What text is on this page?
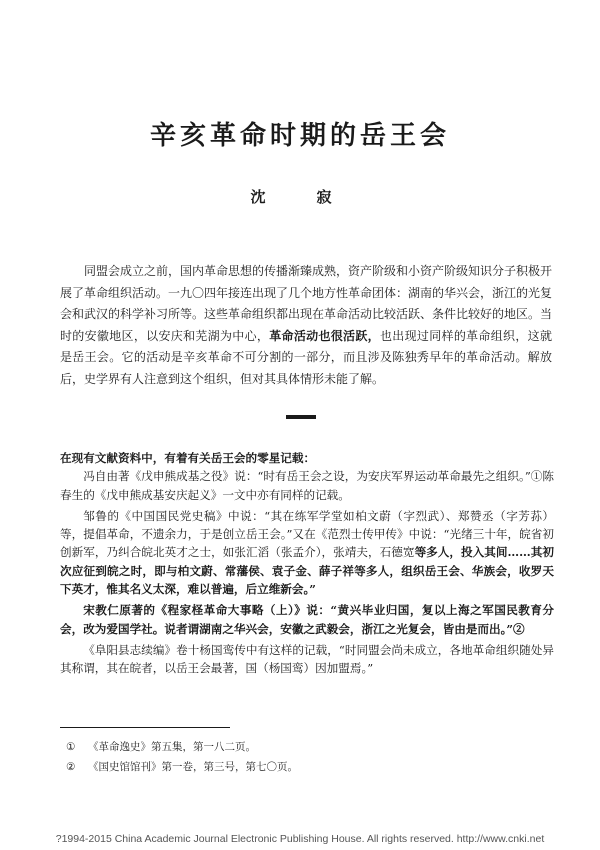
辛亥革命时期的岳王会
沈　寂

同盟会成立之前，国内革命思想的传播渐臻成熟，资产阶级和小资产阶级知识分子积极开展了革命组织活动。一九〇四年接连出现了几个地方性革命团体：湖南的华兴会，浙江的光复会和武汉的科学补习所等。这些革命组织都出现在革命活动比较活跃、条件比较好的地区。当时的安徽地区，以安庆和芜湖为中心，革命活动也很活跃，也出现过同样的革命组织，这就是岳王会。它的活动是辛亥革命不可分割的一部分，而且涉及陈独秀早年的革命活动。解放后，史学界有人注意到这个组织，但对其具体情形未能了解。

在现有文献资料中，有着有关岳王会的零星记载：

冯自由著《戊申熊成基之役》说：“时有岳王会之设，为安庆军界运动革命最先之组织。”①陈春生的《戊申熊成基安庆起义》一文中亦有同样的记载。

邹鲁的《中国国民党史稿》中说：“其在练军学堂如柏文蔚（字烈武）、郑赞丞（字芳荪）等，提倡革命，不遗余力，于是创立岳王会。”又在《范烈士传甲传》中说：“光绪三十年，皖省初创新军，乃纠合皖北英才之士，如张汇滔（张孟介），张靖夫，石德宽等多人，投入其间……其初次应征到皖之时，即与柏文蔚、常藩侯、袁子金、薛子祥等多人，组织岳王会、华族会，收罗天下英才，惟其名义太深，难以普遍，后立维新会。”

宋教仁原著的《程家柽革命大事略（上）》说：“黄兴毕业归国，复以上海之军国民教育分会，改为爱国学社。说者谓湖南之华兴会，安徽之武毅会，浙江之光复会，皆由是而出。”②

《阜阳县志续编》卷十杨国鸾传中有这样的记载，“时同盟会尚未成立，各地革命组织随处异其称谓，其在皖者，以岳王会最著，国（杨国鸾）因加盟焉。”

① 《革命逸史》第五集，第一八二页。
② 《国史馆馆刊》第一卷，第三号，第七〇页。
?1994-2015 China Academic Journal Electronic Publishing House. All rights reserved. http://www.cnki.net
